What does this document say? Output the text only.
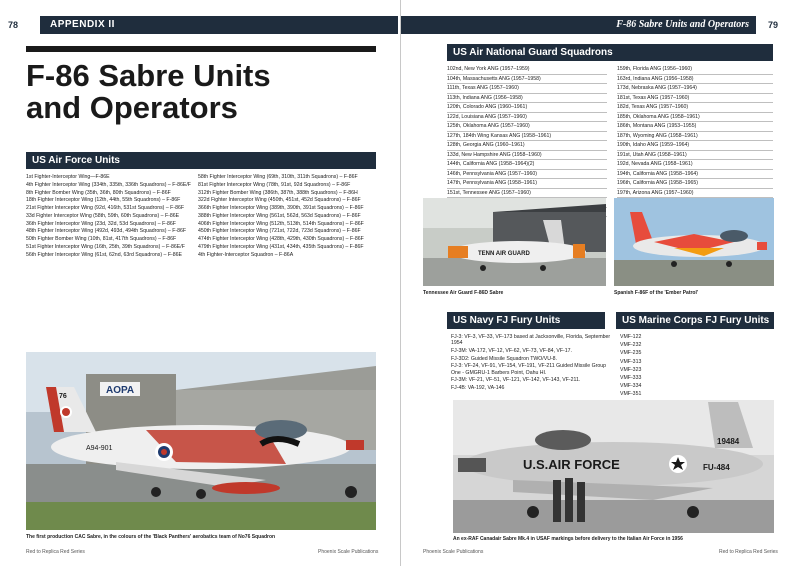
78	APPENDIX II
F-86 Sabre Units
and Operators
US Air Force Units
1st Fighter-Interceptor Wing—F-86E
4th Fighter Interceptor Wing (334th, 335th, 336th Squadrons) – F-86E/F
8th Fighter Bomber Wing (35th, 36th, 80th Squadrons) – F-86F
18th Fighter Interceptor Wing (12th, 44th, 55th Squadrons) – F-86F
21st Fighter Interceptor Wing (92d, 416th, 531st Squadrons) – F-86F
33d Fighter Interceptor Wing (58th, 59th, 60th Squadrons) – F-86E
36th Fighter Interceptor Wing (23d, 32d, 53d Squadrons) – F-86F
48th Fighter Interceptor Wing (492d, 493d, 494th Squadrons) – F-86F
50th Fighter Bomber Wing (10th, 81st, 417th Squadrons) – F-86F
51st Fighter Interceptor Wing (16th, 25th, 39th Squadrons) – F-86E/F
56th Fighter Interceptor Wing (61st, 62nd, 63rd Squadrons) – F-86E
58th Fighter Interceptor Wing (69th, 310th, 311th Squadrons) – F-86F
81st Fighter Interceptor Wing (78th, 91st, 92d Squadrons) – F-86F
312th Fighter Bomber Wing (386th, 387th, 388th Squadrons) – F-86H
322d Fighter Interceptor Wing (450th, 451st, 452d Squadrons) – F-86F
366th Fighter Interceptor Wing (389th, 390th, 391st Squadrons) – F-86F
388th Fighter Interceptor Wing (561st, 562d, 563d Squadrons) – F-86F
406th Fighter Interceptor Wing (512th, 513th, 514th Squadrons) – F-86F
450th Fighter Interceptor Wing (721st, 722d, 723d Squadrons) – F-86F
474th Fighter Interceptor Wing (428th, 429th, 430th Squadrons) – F-86F
479th Fighter Interceptor Wing (431st, 434th, 435th Squadrons) – F-86F
4th Fighter-Interceptor Squadron – F-86A
AOPA
76
A94-901
The first production CAC Sabre, in the colours of the 'Black Panthers' aerobatics team of No76 Squadron
Red to Replica Red Series	Phoenix Scale Publications
F-86 Sabre Units and Operators 79
US Air National Guard Squadrons
102nd, New York ANG (1957–1959)
104th, Massachusetts ANG (1957–1958)
111th, Texas ANG (1957–1960)
113th, Indiana ANG (1956–1958)
120th, Colorado ANG (1960–1961)
122d, Louisiana ANG (1957–1960)
125th, Oklahoma ANG (1957–1960)
127th, 184th Wing Kansas ANG (1958–1961)
128th, Georgia ANG (1960–1961)
133d, New Hampshire ANG (1958–1960)
144th, California ANG (1958–1964)(2)
146th, Pennsylvania ANG (1957–1960)
147th, Pennsylvania ANG (1958–1961)
151st, Tennessee ANG (1957–1960)
159th, Florida ANG (1956–1960)
163rd, Indiana ANG (1956–1958)
173d, Nebraska ANG (1957–1964)
181st, Texas ANG (1957–1960)
182d, Texas ANG (1957–1960)
185th, Oklahoma ANG (1958–1961)
186th, Montana ANG (1953–1955)
187th, Wyoming ANG (1958–1961)
190th, Idaho ANG (1959–1964)
191st, Utah ANG (1958–1961)
192d, Nevada ANG (1958–1961)
194th, California ANG (1958–1964)
196th, California ANG (1958–1965)
197th, Arizona ANG (1957–1960)
TENN AIR GUARD
Tennessee Air Guard F-86D Sabre	Spanish F-86F of the 'Ember Patrol'
US Navy FJ Fury Units
FJ-3: VF-3, VF-33, VF-173 based at Jacksonville, Florida, September 1954
FJ-3M: VA-172, VF-12, VF-62, VF-73, VF-84, VF-17.
FJ-3D2: Guided Missile Squadron TWO/VU-8.
FJ-3: VF-24, VF-91, VF-154, VF-191, VF-211 Guided Missile Group One - GMGRU-1 Barbers Point, Oahu HI.
FJ-3M: VF-21, VF-51, VF-121, VF-142, VF-143, VF-211.
FJ-4B: VA-192, VA-146
US Marine Corps FJ Fury Units
VMF-122
VMF-232
VMF-235
VMF-313
VMF-323
VMF-333
VMF-334
VMF-351
19484
U.S.AIR FORCE	FU-484
An ex-RAF Canadair Sabre Mk.4 in USAF markings before delivery to the Italian Air Force in 1956
Phoenix Scale Publications	Red to Replica Red Series
